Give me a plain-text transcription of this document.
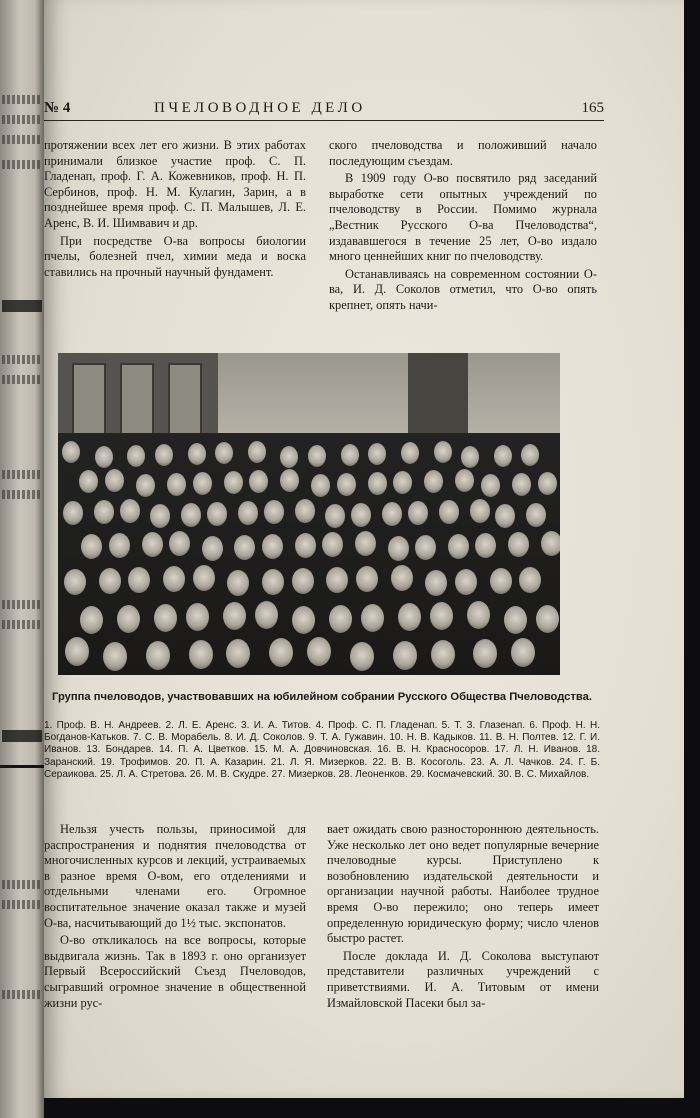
№ 4	ПЧЕЛОВОДНОЕ ДЕЛО	165

протяжении всех лет его жизни. В этих работах принимали близкое участие проф. С. П. Гладенап, проф. Г. А. Кожевников, проф. Н. П. Сербинов, проф. Н. М. Кулагин, Зарин, а в позднейшее время проф. С. П. Малышев, Л. Е. Аренс, В. И. Шимвавич и др.

При посредстве О-ва вопросы биологии пчелы, болезней пчел, химии меда и воска ставились на прочный научный фундамент.

ского пчеловодства и положивший начало последующим съездам.

В 1909 году О-во посвятило ряд заседаний выработке сети опытных учреждений по пчеловодству в России. Помимо журнала „Вестник Русского О-ва Пчеловодства“, издававшегося в течение 25 лет, О-во издало много ценнейших книг по пчеловодству.

Останавливаясь на современном состоянии О-ва, И. Д. Соколов отметил, что О-во опять крепнет, опять начи-

Группа пчеловодов, участвовавших на юбилейном собрании Русского Общества Пчеловодства.

1. Проф. В. Н. Андреев. 2. Л. Е. Аренс. 3. И. А. Титов. 4. Проф. С. П. Гладенап. 5. Т. З. Глазенап. 6. Проф. Н. Н. Богданов-Катьков. 7. С. В. Морабель. 8. И. Д. Соколов. 9. Т. А. Гужавин. 10. Н. В. Кадыков. 11. В. Н. Полтев. 12. Г. И. Иванов. 13. Бондарев. 14. П. А. Цветков. 15. М. А. Довчиновская. 16. В. Н. Красносоров. 17. Л. Н. Иванов. 18. Заранский. 19. Трофимов. 20. П. А. Казарин. 21. Л. Я. Мизерков. 22. В. В. Косоголь. 23. А. Л. Чачков. 24. Г. Б. Сераикова. 25. Л. А. Стретова. 26. М. В. Скудре. 27. Мизерков. 28. Леоненков. 29. Космачевский. 30. В. С. Михайлов.

Нельзя учесть пользы, приносимой для распространения и поднятия пчеловодства от многочисленных курсов и лекций, устраиваемых в разное время О-вом, его отделениями и отдельными членами его. Огромное воспитательное значение оказал также и музей О-ва, насчитывающий до 1½ тыс. экспонатов.

О-во откликалось на все вопросы, которые выдвигала жизнь. Так в 1893 г. оно организует Первый Всероссийский Съезд Пчеловодов, сыгравший огромное значение в общественной жизни рус-

вает ожидать свою разностороннюю деятельность. Уже несколько лет оно ведет популярные вечерние пчеловодные курсы. Приступлено к возобновлению издательской деятельности и организации научной работы. Наиболее трудное время О-во пережило; оно теперь имеет определенную юридическую форму; число членов быстро растет.

После доклада И. Д. Соколова выступают представители различных учреждений с приветствиями. И. А. Титовым от имени Измайловской Пасеки был за-
